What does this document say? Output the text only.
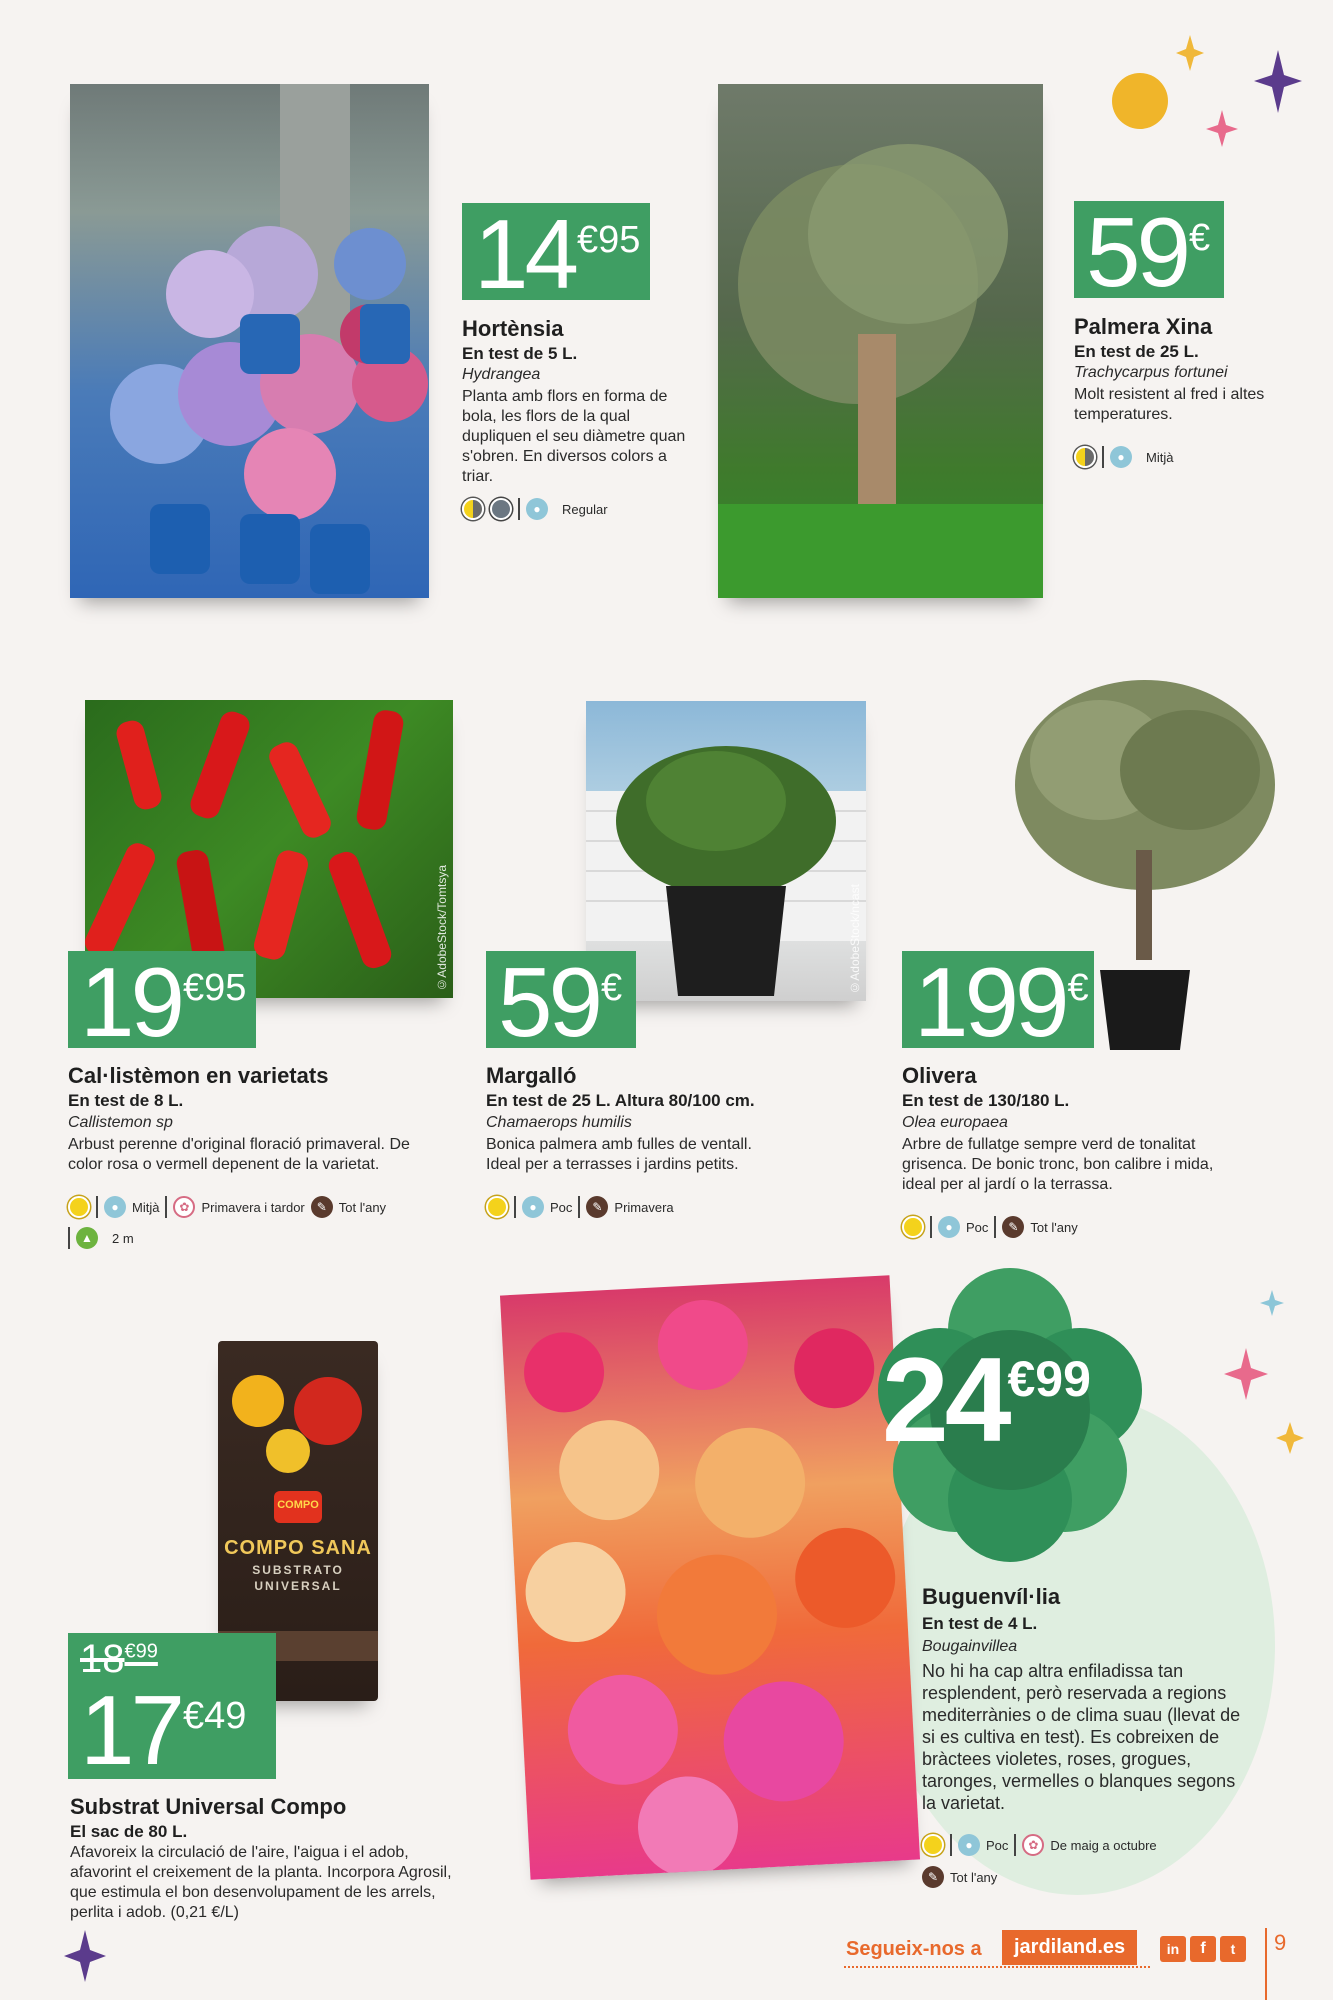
14 €95
Hortènsia
En test de 5 L.
Hydrangea
Planta amb flors en forma de bola, les flors de la qual dupliquen el seu diàmetre quan s'obren. En diversos colors a triar.
●	Regular
59 €
Palmera Xina
En test de 25 L.
Trachycarpus fortunei
Molt resistent al fred i altes temperatures.
●	Mitjà
©AdobeStock/Tomtsya
19 €95
Cal·listèmon en varietats
En test de 8 L.
Callistemon sp
Arbust perenne d'original floració primaveral. De color rosa o vermell depenent de la varietat.
●	Mitjà	✿ Primavera i tardor ✎ Tot l'any
▲	2 m
©AdobeStock/ncast
59 €
Margalló
En test de 25 L. Altura 80/100 cm.
Chamaerops humilis
Bonica palmera amb fulles de ventall. Ideal per a terrasses i jardins petits.
●	Poc	✎ Primavera
199 €
Olivera
En test de 130/180 L.
Olea europaea
Arbre de fullatge sempre verd de tonalitat grisenca. De bonic tronc, bon calibre i mida, ideal per al jardí o la terrassa.
●	Poc	✎ Tot l'any
COMPO
COMPO SANA
SUBSTRATO
UNIVERSAL
$18^{€99}$
17 €49
Substrat Universal Compo
El sac de 80 L.
Afavoreix la circulació de l'aire, l'aigua i el adob, afavorint el creixement de la planta. Incorpora Agrosil, que estimula el bon desenvolupament de les arrels, perlita i adob. (0,21 €/L)
24 €99
Buguenvíl·lia
En test de 4 L.
Bougainvillea
No hi ha cap altra enfiladissa tan resplendent, però reservada a regions mediterrànies o de clima suau (llevat de si es cultiva en test). Es cobreixen de bràctees violetes, roses, grogues, taronges, vermelles o blanques segons la varietat.
●	Poc	✿ De maig a octubre
✎ Tot l'any
Segueix-nos a	jardiland.es	in	f	t	9
